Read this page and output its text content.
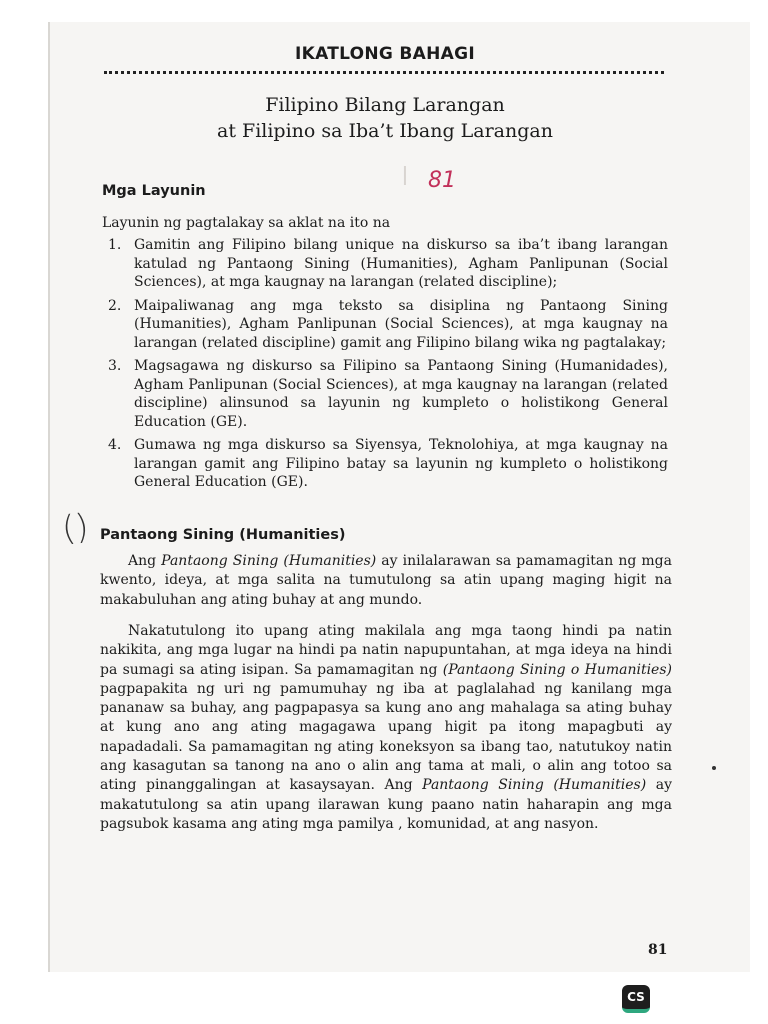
IKATLONG BAHAGI
Filipino Bilang Larangan
at Filipino sa Iba’t Ibang Larangan
ꟾ 81
Mga Layunin
Layunin ng pagtalakay sa aklat na ito na
1. Gamitin ang Filipino bilang unique na diskurso sa iba’t ibang larangan katulad ng Pantaong Sining (Humanities), Agham Panlipunan (Social Sciences), at mga kaugnay na larangan (related discipline);
2. Maipaliwanag ang mga teksto sa disiplina ng Pantaong Sining (Humanities), Agham Panlipunan (Social Sciences), at mga kaugnay na larangan (related discipline) gamit ang Filipino bilang wika ng pagtalakay;
3. Magsagawa ng diskurso sa Filipino sa Pantaong Sining (Humanidades), Agham Panlipunan (Social Sciences), at mga kaugnay na larangan (related discipline) alinsunod sa layunin ng kumpleto o holistikong General Education (GE).
4. Gumawa ng mga diskurso sa Siyensya, Teknolohiya, at mga kaugnay na larangan gamit ang Filipino batay sa layunin ng kumpleto o holistikong General Education (GE).
() Pantaong Sining (Humanities)

Ang Pantaong Sining (Humanities) ay inilalarawan sa pamamagitan ng mga kwento, ideya, at mga salita na tumutulong sa atin upang maging higit na makabuluhan ang ating buhay at ang mundo.

Nakatutulong ito upang ating makilala ang mga taong hindi pa natin nakikita, ang mga lugar na hindi pa natin napupuntahan, at mga ideya na hindi pa sumagi sa ating isipan. Sa pamamagitan ng (Pantaong Sining o Humanities) pagpapakita ng uri ng pamumuhay ng iba at paglalahad ng kanilang mga pananaw sa buhay, ang pagpapasya sa kung ano ang mahalaga sa ating buhay at kung ano ang ating magagawa upang higit pa itong mapagbuti ay napadadali. Sa pamamagitan ng ating koneksyon sa ibang tao, natutukoy natin ang kasagutan sa tanong na ano o alin ang tama at mali, o alin ang totoo sa ating pinanggalingan at kasaysayan. Ang Pantaong Sining (Humanities) ay makatutulong sa atin upang ilarawan kung paano natin haharapin ang mga pagsubok kasama ang ating mga pamilya , komunidad, at ang nasyon.

81
CS
